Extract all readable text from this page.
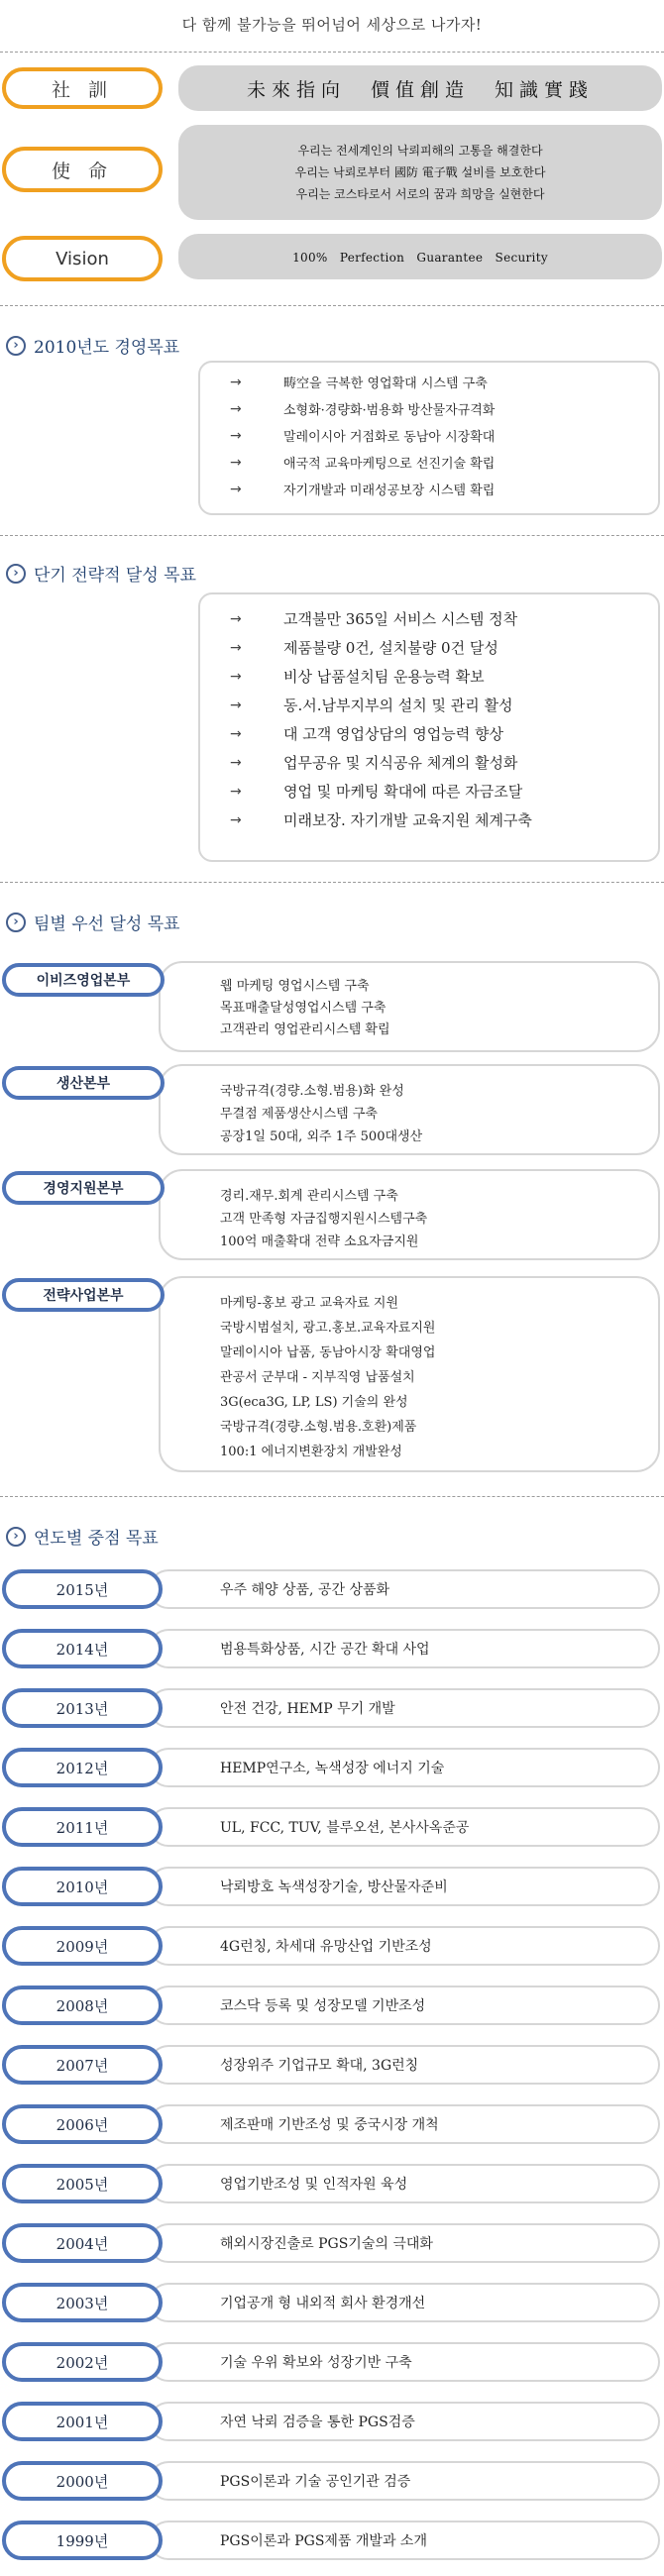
다 함께 불가능을 뛰어넘어 세상으로 나가자!
社 訓	未來指向　價值創造　知識實踐
使 命
우리는 전세계인의 낙뢰피해의 고통을 해결한다
우리는 낙뢰로부터 國防 電子戰 설비를 보호한다
우리는 코스타로서 서로의 꿈과 희망을 실현한다
Vision	100%　Perfection　Guarantee　Security
› 2010년도 경영목표
→	畴空을 극복한 영업확대 시스템 구축
→	소형화·경량화·범용화 방산물자규격화
→	말레이시아 거점화로 동남아 시장확대
→	애국적 교육마케팅으로 선진기술 확립
→	자기개발과 미래성공보장 시스템 확립
› 단기 전략적 달성 목표
→	고객불만 365일 서비스 시스템 정착
→	제품불량 0건, 설치불량 0건 달성
→	비상 납품설치팀 운용능력 확보
→	동.서.남부지부의 설치 및 관리 활성
→	대 고객 영업상담의 영업능력 향상
→	업무공유 및 지식공유 체계의 활성화
→	영업 및 마케팅 확대에 따른 자금조달
→	미래보장. 자기개발 교육지원 체계구축
› 팀별 우선 달성 목표
이비즈영업본부	웹 마케팅 영업시스템 구축
목표매출달성영업시스템 구축
고객관리 영업관리시스템 확립
생산본부	국방규격(경량.소형.범용)화 완성
무결점 제품생산시스템 구축
공장1일 50대, 외주 1주 500대생산
경영지원본부	경리.재무.회계 관리시스템 구축
고객 만족형 자금집행지원시스템구축
100억 매출확대 전략 소요자금지원
전략사업본부	마케팅-홍보 광고 교육자료 지원
국방시범설치, 광고.홍보.교육자료지원
말레이시아 납품, 동남아시장 확대영업
관공서 군부대 - 지부직영 납품설치
3G(eca3G, LP, LS) 기술의 완성
국방규격(경량.소형.범용.호환)제품
100:1 에너지변환장치 개발완성
› 연도별 중점 목표
2015년	우주 해양 상품, 공간 상품화
2014년	범용특화상품, 시간 공간 확대 사업
2013년	안전 건강, HEMP 무기 개발
2012년	HEMP연구소, 녹색성장 에너지 기술
2011년	UL, FCC, TUV, 블루오션, 본사사옥준공
2010년	낙뢰방호 녹색성장기술, 방산물자준비
2009년	4G런칭, 차세대 유망산업 기반조성
2008년	코스닥 등록 및 성장모델 기반조성
2007년	성장위주 기업규모 확대, 3G런칭
2006년	제조판매 기반조성 및 중국시장 개척
2005년	영업기반조성 및 인적자원 육성
2004년	해외시장진출로 PGS기술의 극대화
2003년	기업공개 형 내외적 회사 환경개선
2002년	기술 우위 확보와 성장기반 구축
2001년	자연 낙뢰 검증을 통한 PGS검증
2000년	PGS이론과 기술 공인기관 검증
1999년	PGS이론과 PGS제품 개발과 소개
